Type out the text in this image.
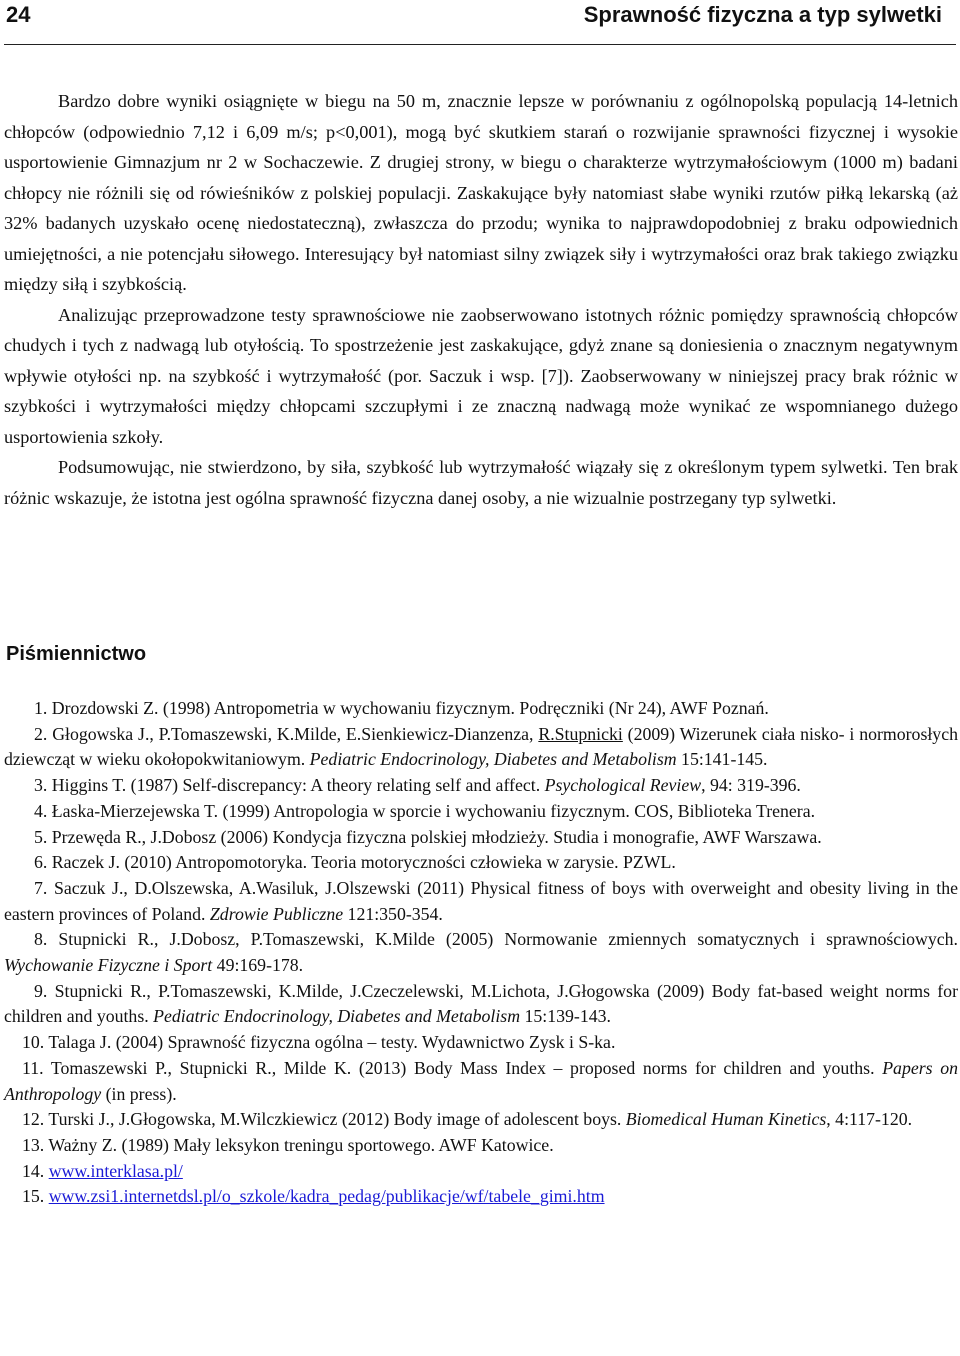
24	Sprawność fizyczna a typ sylwetki

Bardzo dobre wyniki osiągnięte w biegu na 50 m, znacznie lepsze w porównaniu z ogólnopolską populacją 14-letnich chłopców (odpowiednio 7,12 i 6,09 m/s; p<0,001), mogą być skutkiem starań o rozwijanie sprawności fizycznej i wysokie usportowienie Gimnazjum nr 2 w Sochaczewie. Z drugiej strony, w biegu o charakterze wytrzymałościowym (1000 m) badani chłopcy nie różnili się od rówieśników z polskiej populacji. Zaskakujące były natomiast słabe wyniki rzutów piłką lekarską (aż 32% badanych uzyskało ocenę niedostateczną), zwłaszcza do przodu; wynika to najprawdopodobniej z braku odpowiednich umiejętności, a nie potencjału siłowego. Interesujący był natomiast silny związek siły i wytrzymałości oraz brak takiego związku między siłą i szybkością.

Analizując przeprowadzone testy sprawnościowe nie zaobserwowano istotnych różnic pomiędzy sprawnością chłopców chudych i tych z nadwagą lub otyłością. To spostrzeżenie jest zaskakujące, gdyż znane są doniesienia o znacznym negatywnym wpływie otyłości np. na szybkość i wytrzymałość (por. Saczuk i wsp. [7]). Zaobserwowany w niniejszej pracy brak różnic w szybkości i wytrzymałości między chłopcami szczupłymi i ze znaczną nadwagą może wynikać ze wspomnianego dużego usportowienia szkoły.

Podsumowując, nie stwierdzono, by siła, szybkość lub wytrzymałość wiązały się z określonym typem sylwetki. Ten brak różnic wskazuje, że istotna jest ogólna sprawność fizyczna danej osoby, a nie wizualnie postrzegany typ sylwetki.

Piśmiennictwo

1. Drozdowski Z. (1998) Antropometria w wychowaniu fizycznym. Podręczniki (Nr 24), AWF Poznań.

2. Głogowska J., P.Tomaszewski, K.Milde, E.Sienkiewicz-Dianzenza, R.Stupnicki (2009) Wizerunek ciała nisko- i normorosłych dziewcząt w wieku okołopokwitaniowym. Pediatric Endocrinology, Diabetes and Metabolism 15:141-145.

3. Higgins T. (1987) Self-discrepancy: A theory relating self and affect. Psychological Review, 94: 319-396.

4. Łaska-Mierzejewska T. (1999) Antropologia w sporcie i wychowaniu fizycznym. COS, Biblioteka Trenera.

5. Przewęda R., J.Dobosz (2006) Kondycja fizyczna polskiej młodzieży. Studia i monografie, AWF Warszawa.

6. Raczek J. (2010) Antropomotoryka. Teoria motoryczności człowieka w zarysie. PZWL.

7. Saczuk J., D.Olszewska, A.Wasiluk, J.Olszewski (2011) Physical fitness of boys with overweight and obesity living in the eastern provinces of Poland. Zdrowie Publiczne 121:350-354.

8. Stupnicki R., J.Dobosz, P.Tomaszewski, K.Milde (2005) Normowanie zmiennych somatycznych i sprawnościowych. Wychowanie Fizyczne i Sport 49:169-178.

9. Stupnicki R., P.Tomaszewski, K.Milde, J.Czeczelewski, M.Lichota, J.Głogowska (2009) Body fat-based weight norms for children and youths. Pediatric Endocrinology, Diabetes and Metabolism 15:139-143.

10. Talaga J. (2004) Sprawność fizyczna ogólna – testy. Wydawnictwo Zysk i S-ka.

11. Tomaszewski P., Stupnicki R., Milde K. (2013) Body Mass Index – proposed norms for children and youths. Papers on Anthropology (in press).

12. Turski J., J.Głogowska, M.Wilczkiewicz (2012) Body image of adolescent boys. Biomedical Human Kinetics, 4:117-120.

13. Ważny Z. (1989) Mały leksykon treningu sportowego. AWF Katowice.

14. www.interklasa.pl/

15. www.zsi1.internetdsl.pl/o_szkole/kadra_pedag/publikacje/wf/tabele_gimi.htm
